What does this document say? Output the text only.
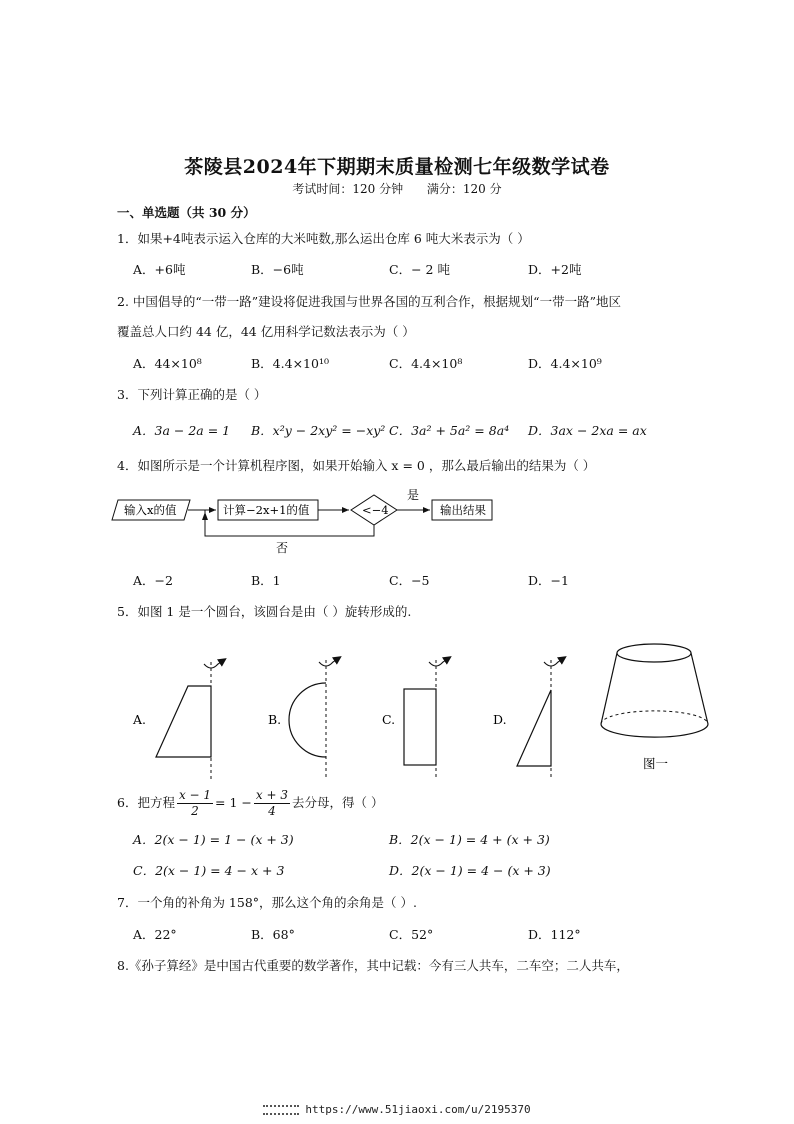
茶陵县2024年下期期末质量检测七年级数学试卷
考试时间：120 分钟 满分：120 分
一、单选题（共 30 分）
1．如果+4吨表示运入仓库的大米吨数,那么运出仓库 6 吨大米表示为（ ）
A．+6吨	B．−6吨	C．− 2 吨	D．+2吨
2. 中国倡导的“一带一路”建设将促进我国与世界各国的互利合作，根据规划“一带一路”地区
覆盖总人口约 44 亿，44 亿用科学记数法表示为（ ）
A．44×10⁸	B．4.4×10¹⁰	C．4.4×10⁸	D．4.4×10⁹
3．下列计算正确的是（ ）
A．3a − 2a = 1 B．x²y − 2xy² = −xy² C．3a² + 5a² = 8a⁴ D．3ax − 2xa = ax
4．如图所示是一个计算机程序图，如果开始输入 x = 0 ，那么最后输出的结果为（ ）
输入x的值	计算−2x+1的值	<−4
是
输出结果
否
A．−2	B．1	C．−5	D．−1
5．如图 1 是一个圆台，该圆台是由（ ）旋转形成的.
A.	B.	C.	D.
图一
6．把方程 $\frac{x - 1}{2} = 1 - \frac{x + 3}{4}$ 去分母，得（ ）
A．2(x − 1) = 1 − (x + 3)	B．2(x − 1) = 4 + (x + 3)
C．2(x − 1) = 4 − x + 3	D．2(x − 1) = 4 − (x + 3)
7．一个角的补角为 158°，那么这个角的余角是（ ）.
A．22°	B．68°	C．52°	D．112°
8.《孙子算经》是中国古代重要的数学著作，其中记载：今有三人共车，二车空；二人共车，
https://www.51jiaoxi.com/u/2195370
